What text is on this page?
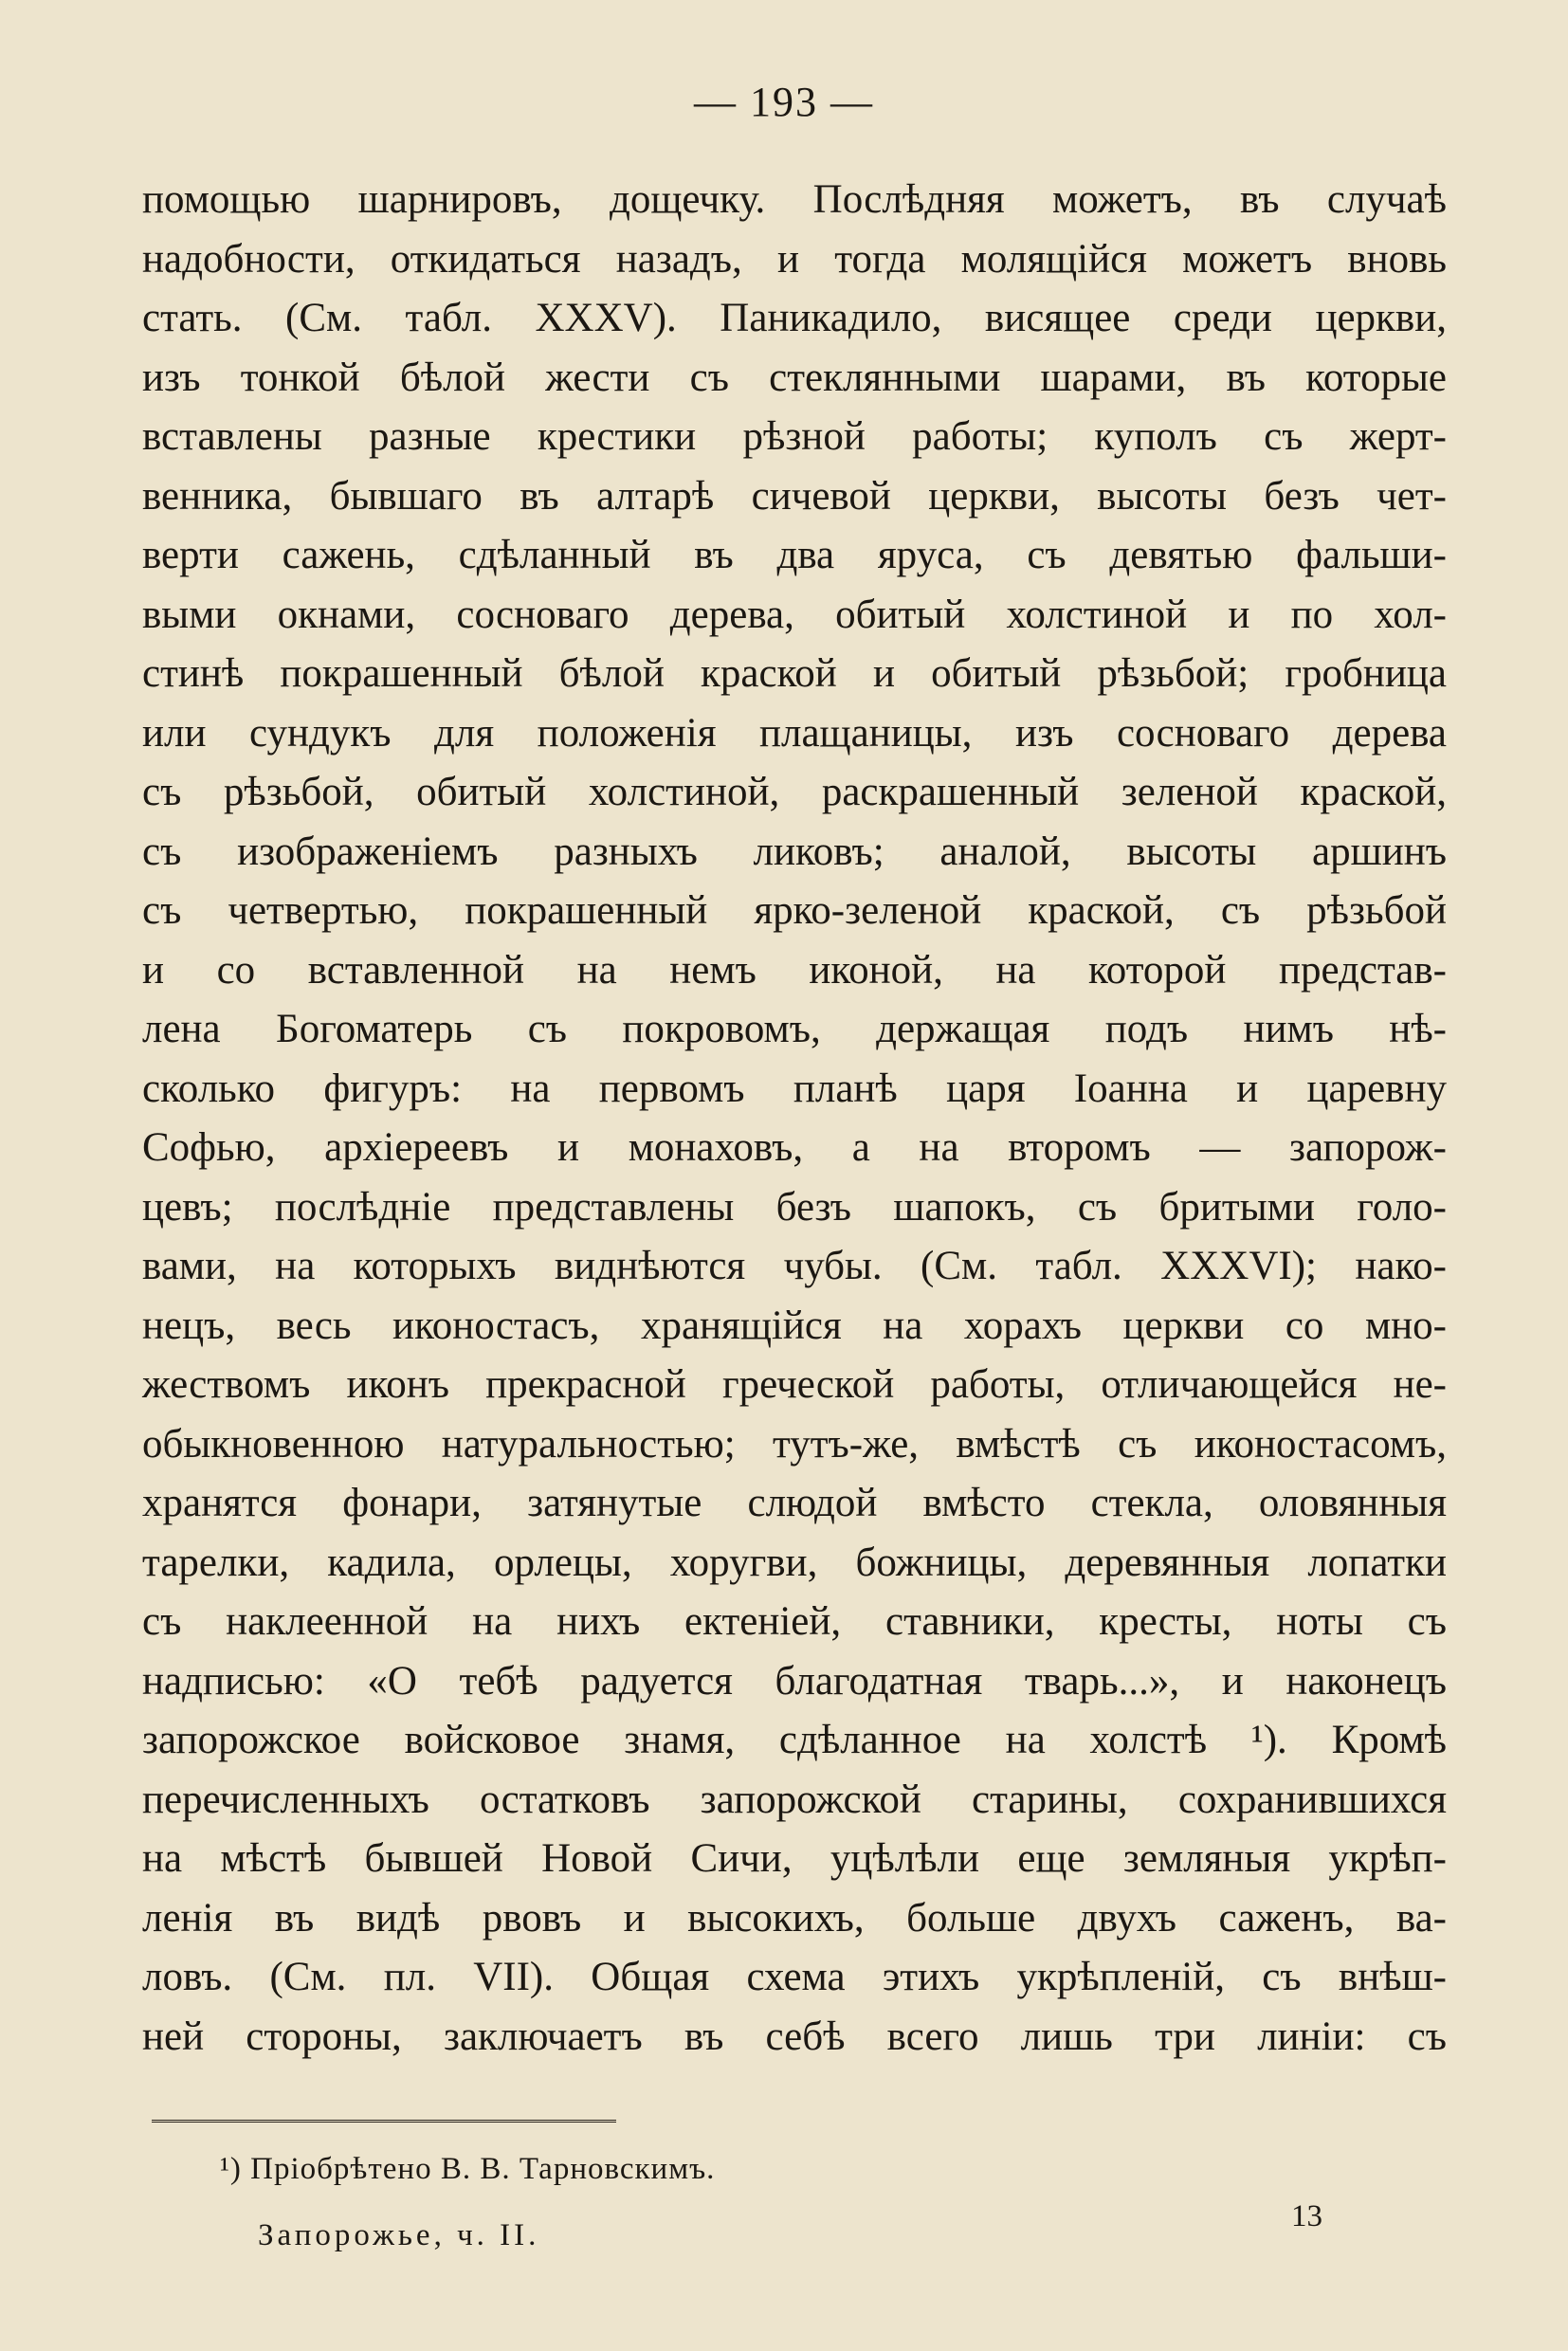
— 193 —
помощью шарнировъ, дощечку. Послѣдняя можетъ, въ случаѣ
надобности, откидаться назадъ, и тогда молящійся можетъ вновь
стать. (См. табл. XXXV). Паникадило, висящее среди церкви,
изъ тонкой бѣлой жести съ стеклянными шарами, въ которые
вставлены разные крестики рѣзной работы; куполъ съ жерт-
венника, бывшаго въ алтарѣ сичевой церкви, высоты безъ чет-
верти сажень, сдѣланный въ два яруса, съ девятью фальши-
выми окнами, сосноваго дерева, обитый холстиной и по хол-
стинѣ покрашенный бѣлой краской и обитый рѣзьбой; гробница
или сундукъ для положенія плащаницы, изъ сосноваго дерева
съ рѣзьбой, обитый холстиной, раскрашенный зеленой краской,
съ изображеніемъ разныхъ ликовъ; аналой, высоты аршинъ
съ четвертью, покрашенный ярко-зеленой краской, съ рѣзьбой
и со вставленной на немъ иконой, на которой представ-
лена Богоматерь съ покровомъ, держащая подъ нимъ нѣ-
сколько фигуръ: на первомъ планѣ царя Іоанна и царевну
Софью, архіереевъ и монаховъ, а на второмъ — запорож-
цевъ; послѣдніе представлены безъ шапокъ, съ бритыми голо-
вами, на которыхъ виднѣются чубы. (См. табл. XXXVI); нако-
нецъ, весь иконостасъ, хранящійся на хорахъ церкви со мно-
жествомъ иконъ прекрасной греческой работы, отличающейся не-
обыкновенною натуральностью; тутъ-же, вмѣстѣ съ иконостасомъ,
хранятся фонари, затянутые слюдой вмѣсто стекла, оловянныя
тарелки, кадила, орлецы, хоругви, божницы, деревянныя лопатки
съ наклеенной на нихъ ектеніей, ставники, кресты, ноты съ
надписью: «О тебѣ радуется благодатная тварь...», и наконецъ
запорожское войсковое знамя, сдѣланное на холстѣ ¹). Кромѣ
перечисленныхъ остатковъ запорожской старины, сохранившихся
на мѣстѣ бывшей Новой Сичи, уцѣлѣли еще земляныя укрѣп-
ленія въ видѣ рвовъ и высокихъ, больше двухъ саженъ, ва-
ловъ. (См. пл. VII). Общая схема этихъ укрѣпленій, съ внѣш-
ней стороны, заключаетъ въ себѣ всего лишь три линіи: съ
¹) Пріобрѣтено В. В. Тарновскимъ.
Запорожье, ч. II.
13
